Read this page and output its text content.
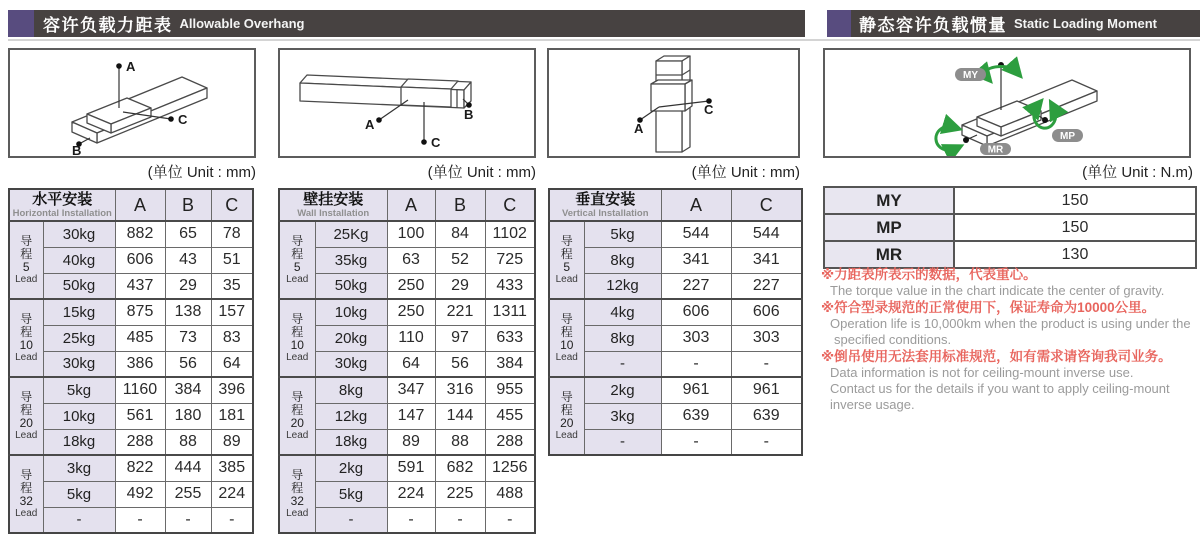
容许负载力距表 Allowable Overhang	静态容许负载惯量 Static Loading Moment
A
C
B
A
C
B
A
C
MY
MP
MR
(单位 Unit : mm)	(单位 Unit : mm)	(单位 Unit : mm)	(单位 Unit : N.m)
水平安装
Horizontal Installation		A	B	C

导
程
5
Lead	30kg	882	65	78
	40kg	606	43	51
	50kg	437	29	35

导
程
10
Lead	15kg	875	138	157
	25kg	485	73	83
	30kg	386	56	64

导
程
20
Lead	5kg	1160	384	396
	10kg	561	180	181
	18kg	288	88	89

导
程
32
Lead	3kg	822	444	385
	5kg	492	255	224
	-	-	-	-
壁挂安装
Wall Installation		A	B	C

导
程
5
Lead	25Kg	100	84	1102
	35kg	63	52	725
	50kg	250	29	433

导
程
10
Lead	10kg	250	221	1311
	20kg	110	97	633
	30kg	64	56	384

导
程
20
Lead	8kg	347	316	955
	12kg	147	144	455
	18kg	89	88	288

导
程
32
Lead	2kg	591	682	1256
	5kg	224	225	488
	-	-	-	-
垂直安装
Vertical Installation		A	C

导
程
5
Lead	5kg	544	544
	8kg	341	341
	12kg	227	227

导
程
10
Lead	4kg	606	606
	8kg	303	303
	-	-	-

导
程
20
Lead	2kg	961	961
	3kg	639	639
	-	-	-
MY	150
MP	150
MR	130
※力距表所表示的数据，代表重心。
The torque value in the chart indicate the center of gravity.
※符合型录规范的正常使用下，保证寿命为10000公里。
Operation life is 10,000km when the product is using under the
specified conditions.
※倒吊使用无法套用标准规范，如有需求请咨询我司业务。
Data information is not for ceiling-mount inverse use.
Contact us for the details if you want to apply ceiling-mount
inverse usage.
